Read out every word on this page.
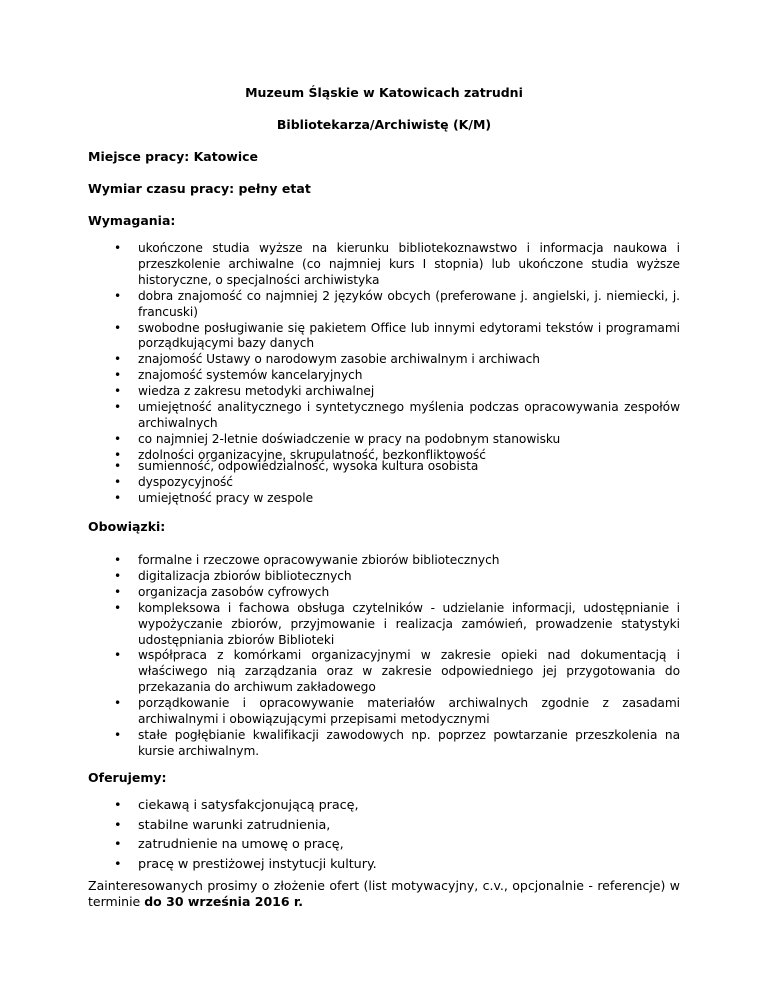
Muzeum Śląskie w Katowicach zatrudni
Bibliotekarza/Archiwistę (K/M)
Miejsce pracy: Katowice
Wymiar czasu pracy: pełny etat
Wymagania:
• ukończone studia wyższe na kierunku bibliotekoznawstwo i informacja naukowa i przeszkolenie archiwalne (co najmniej kurs I stopnia) lub ukończone studia wyższe historyczne, o specjalności archiwistyka
• dobra znajomość co najmniej 2 języków obcych (preferowane j. angielski, j. niemiecki, j. francuski)
• swobodne posługiwanie się pakietem Office lub innymi edytorami tekstów i programami porządkującymi bazy danych
• znajomość Ustawy o narodowym zasobie archiwalnym i archiwach
• znajomość systemów kancelaryjnych
• wiedza z zakresu metodyki archiwalnej
• umiejętność analitycznego i syntetycznego myślenia podczas opracowywania zespołów archiwalnych
• co najmniej 2-letnie doświadczenie w pracy na podobnym stanowisku
• zdolności organizacyjne, skrupulatność, bezkonfliktowość
• sumienność, odpowiedzialność, wysoka kultura osobista
• dyspozycyjność
• umiejętność pracy w zespole
Obowiązki:
• formalne i rzeczowe opracowywanie zbiorów bibliotecznych
• digitalizacja zbiorów bibliotecznych
• organizacja zasobów cyfrowych
• kompleksowa i fachowa obsługa czytelników - udzielanie informacji, udostępnianie i wypożyczanie zbiorów, przyjmowanie i realizacja zamówień, prowadzenie statystyki udostępniania zbiorów Biblioteki
• współpraca z komórkami organizacyjnymi w zakresie opieki nad dokumentacją i właściwego nią zarządzania oraz w zakresie odpowiedniego jej przygotowania do przekazania do archiwum zakładowego
• porządkowanie i opracowywanie materiałów archiwalnych zgodnie z zasadami archiwalnymi i obowiązującymi przepisami metodycznymi
• stałe pogłębianie kwalifikacji zawodowych np. poprzez powtarzanie przeszkolenia na kursie archiwalnym.
Oferujemy:
• ciekawą i satysfakcjonującą pracę,
• stabilne warunki zatrudnienia,
• zatrudnienie na umowę o pracę,
• pracę w prestiżowej instytucji kultury.
Zainteresowanych prosimy o złożenie ofert (list motywacyjny, c.v., opcjonalnie - referencje) w terminie do 30 września 2016 r.
